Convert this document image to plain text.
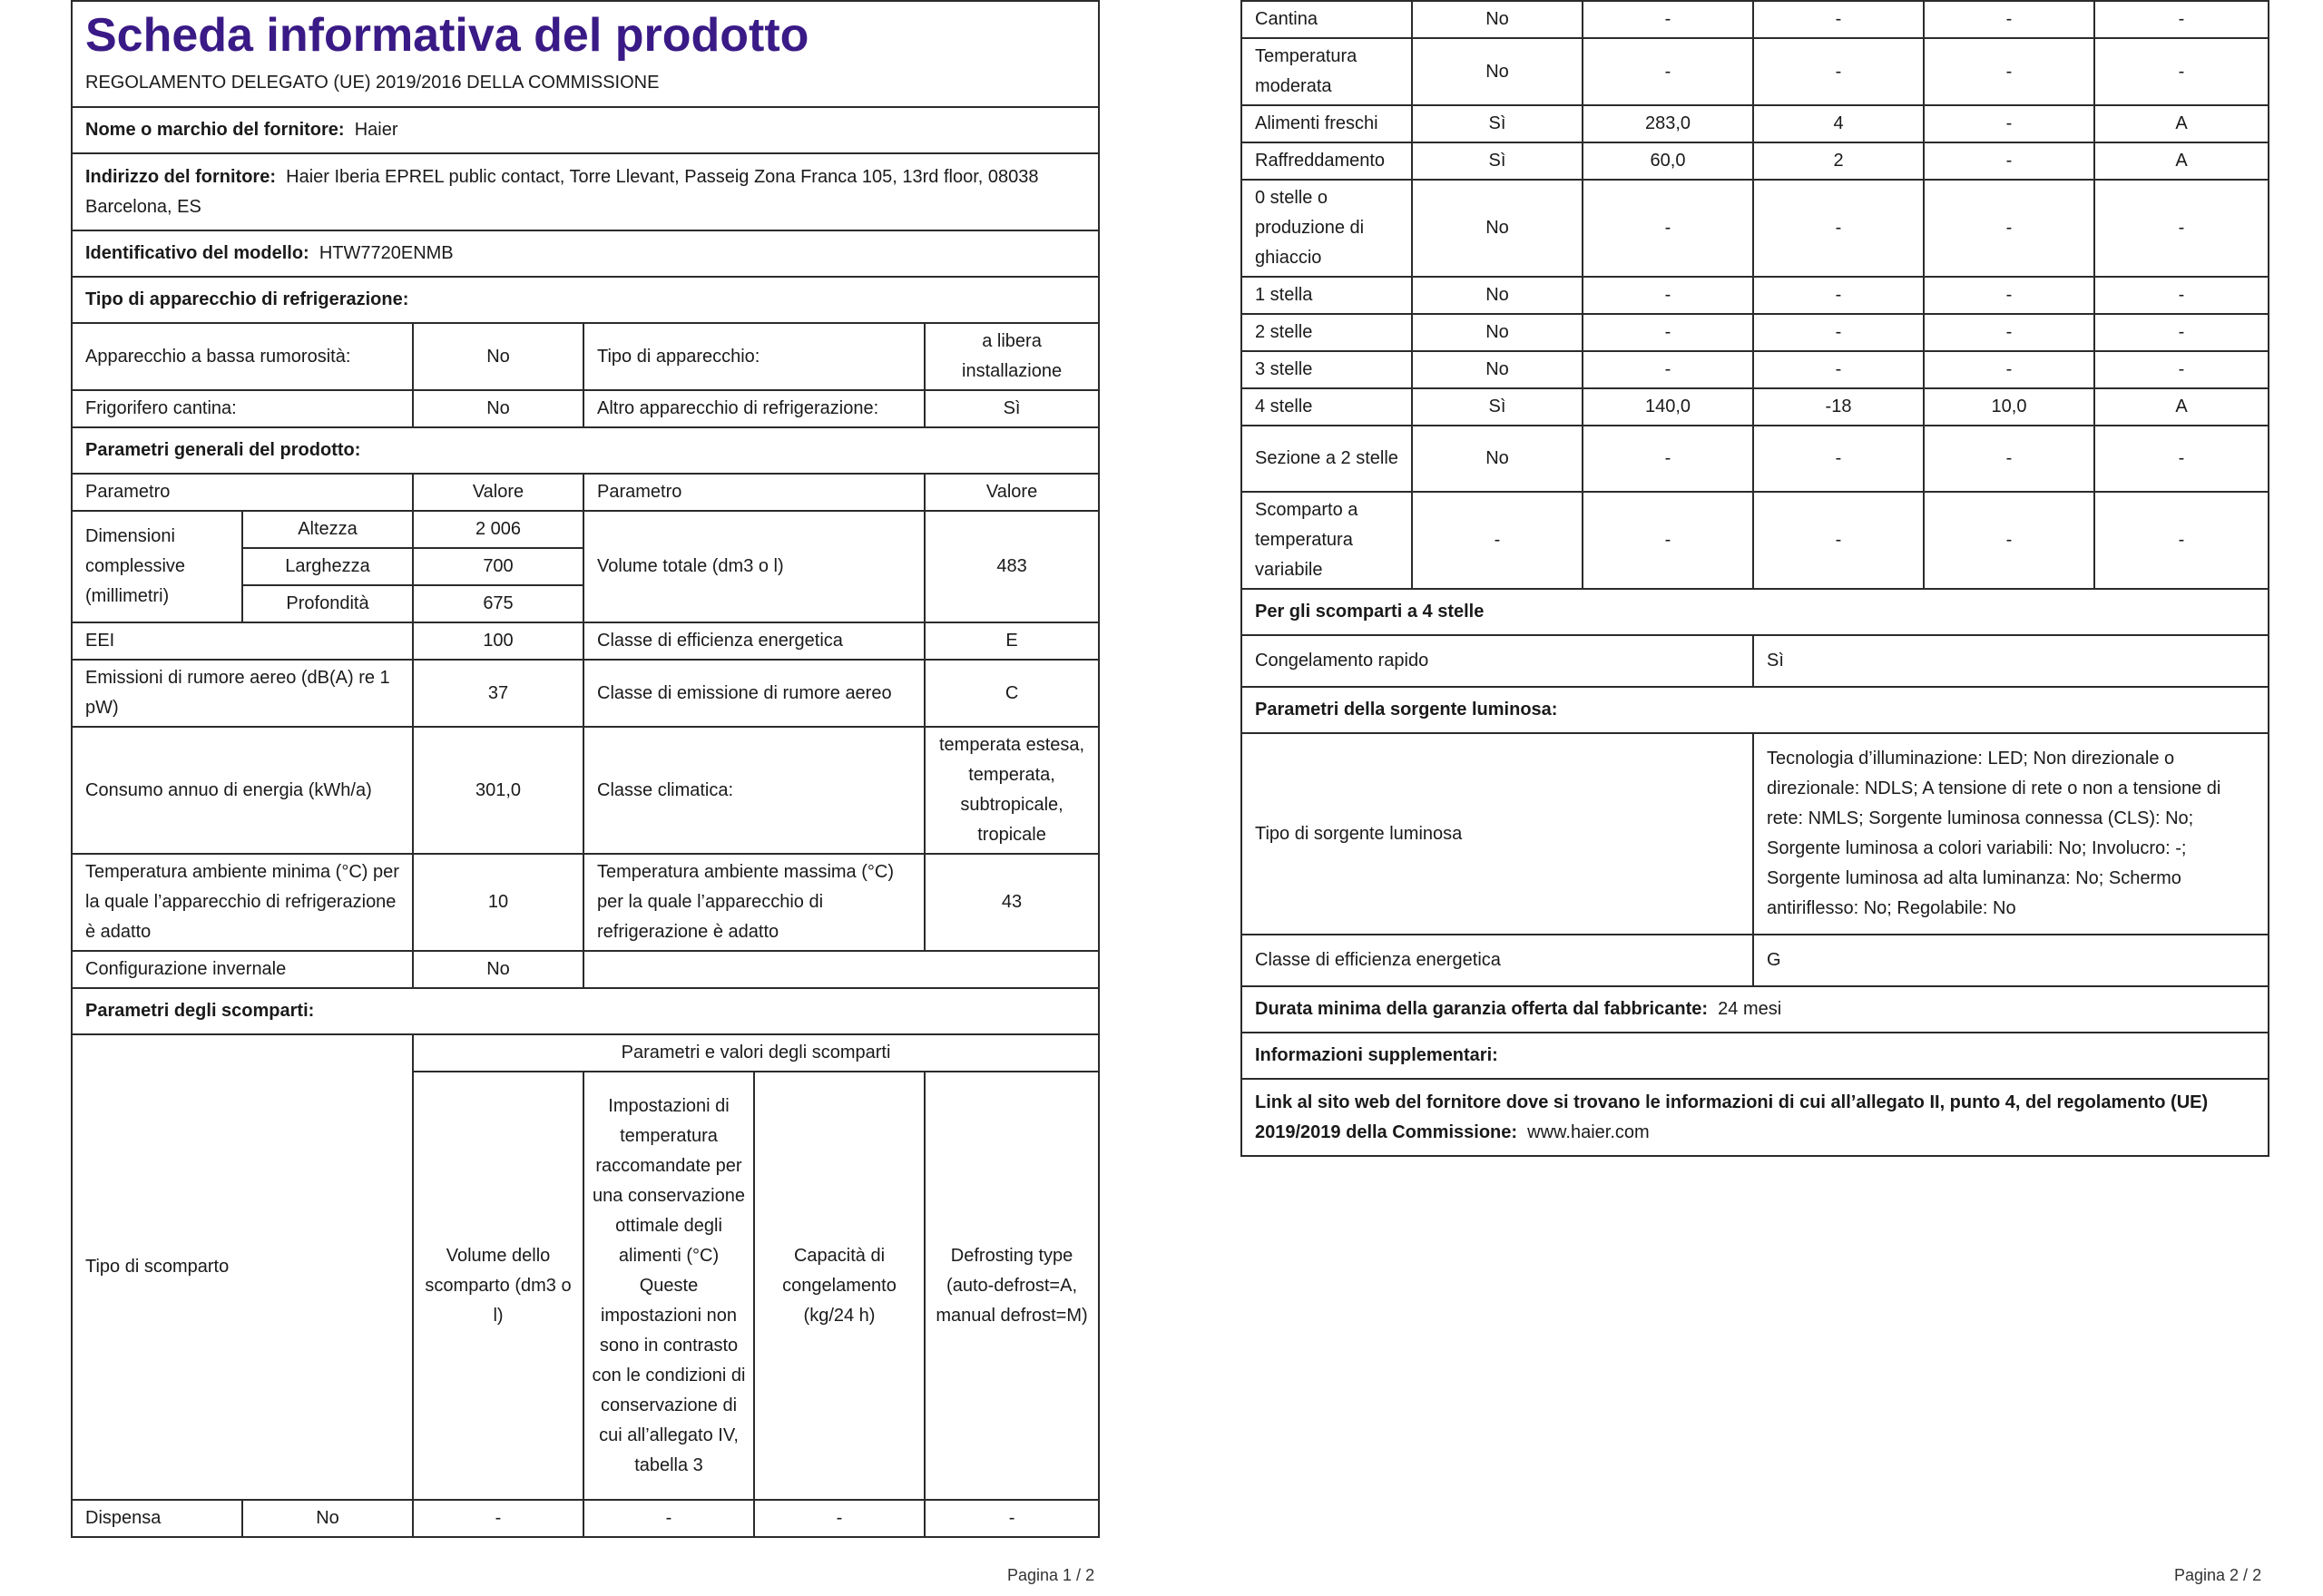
Scheda informativa del prodotto
REGOLAMENTO DELEGATO (UE) 2019/2016 DELLA COMMISSIONE					

Nome o marchio del fornitore: Haier					
Indirizzo del fornitore: Haier Iberia EPREL public contact, Torre Llevant, Passeig Zona Franca 105, 13rd floor, 08038 Barcelona, ES					
Identificativo del modello: HTW7720ENMB					
Tipo di apparecchio di refrigerazione:					
Apparecchio a bassa rumorosità:		No	Tipo di apparecchio:		a libera installazione
Frigorifero cantina:		No	Altro apparecchio di refrigerazione:		Sì
Parametri generali del prodotto:					
Parametro		Valore	Parametro		Valore
Dimensioni complessive (millimetri)	Altezza	2 006	Volume totale (dm3 o l)		483
	Larghezza	700			
	Profondità	675			
EEI		100	Classe di efficienza energetica		E
Emissioni di rumore aereo (dB(A) re 1 pW)		37	Classe di emissione di rumore aereo		C
Consumo annuo di energia (kWh/a)		301,0	Classe climatica:		temperata estesa, temperata, subtropicale, tropicale
Temperatura ambiente minima (°C) per la quale l’apparecchio di refrigerazione è adatto		10	Temperatura ambiente massima (°C) per la quale l’apparecchio di refrigerazione è adatto		43
Configurazione invernale		No			
Parametri degli scomparti:					
Tipo di scomparto		Parametri e valori degli scomparti			
		Volume dello scomparto (dm3 o l)	Impostazioni di temperatura raccomandate per una conservazione ottimale degli alimenti (°C) Queste impostazioni non sono in contrasto con le condizioni di conservazione di cui all’allegato IV, tabella 3	Capacità di congelamento (kg/24 h)	Defrosting type (auto-defrost=A, manual defrost=M)
Dispensa	No	-	-	-	-
Pagina 1 / 2
Cantina	No	-	-	-	-
Temperatura moderata	No	-	-	-	-
Alimenti freschi	Sì	283,0	4	-	A
Raffreddamento	Sì	60,0	2	-	A
0 stelle o produzione di ghiaccio	No	-	-	-	-
1 stella	No	-	-	-	-
2 stelle	No	-	-	-	-
3 stelle	No	-	-	-	-
4 stelle	Sì	140,0	-18	10,0	A
Sezione a 2 stelle	No	-	-	-	-
Scomparto a temperatura variabile	-	-	-	-	-
Per gli scomparti a 4 stelle					
Congelamento rapido			Sì		
Parametri della sorgente luminosa:					
Tipo di sorgente luminosa			Tecnologia d’illuminazione: LED; Non direzionale o direzionale: NDLS; A tensione di rete o non a tensione di rete: NMLS; Sorgente luminosa connessa (CLS): No; Sorgente luminosa a colori variabili: No; Involucro: -; Sorgente luminosa ad alta luminanza: No; Schermo antiriflesso: No; Regolabile: No		
Classe di efficienza energetica			G		
Durata minima della garanzia offerta dal fabbricante: 24 mesi					
Informazioni supplementari:					
Link al sito web del fornitore dove si trovano le informazioni di cui all’allegato II, punto 4, del regolamento (UE) 2019/2019 della Commissione: www.haier.com					
Pagina 2 / 2
